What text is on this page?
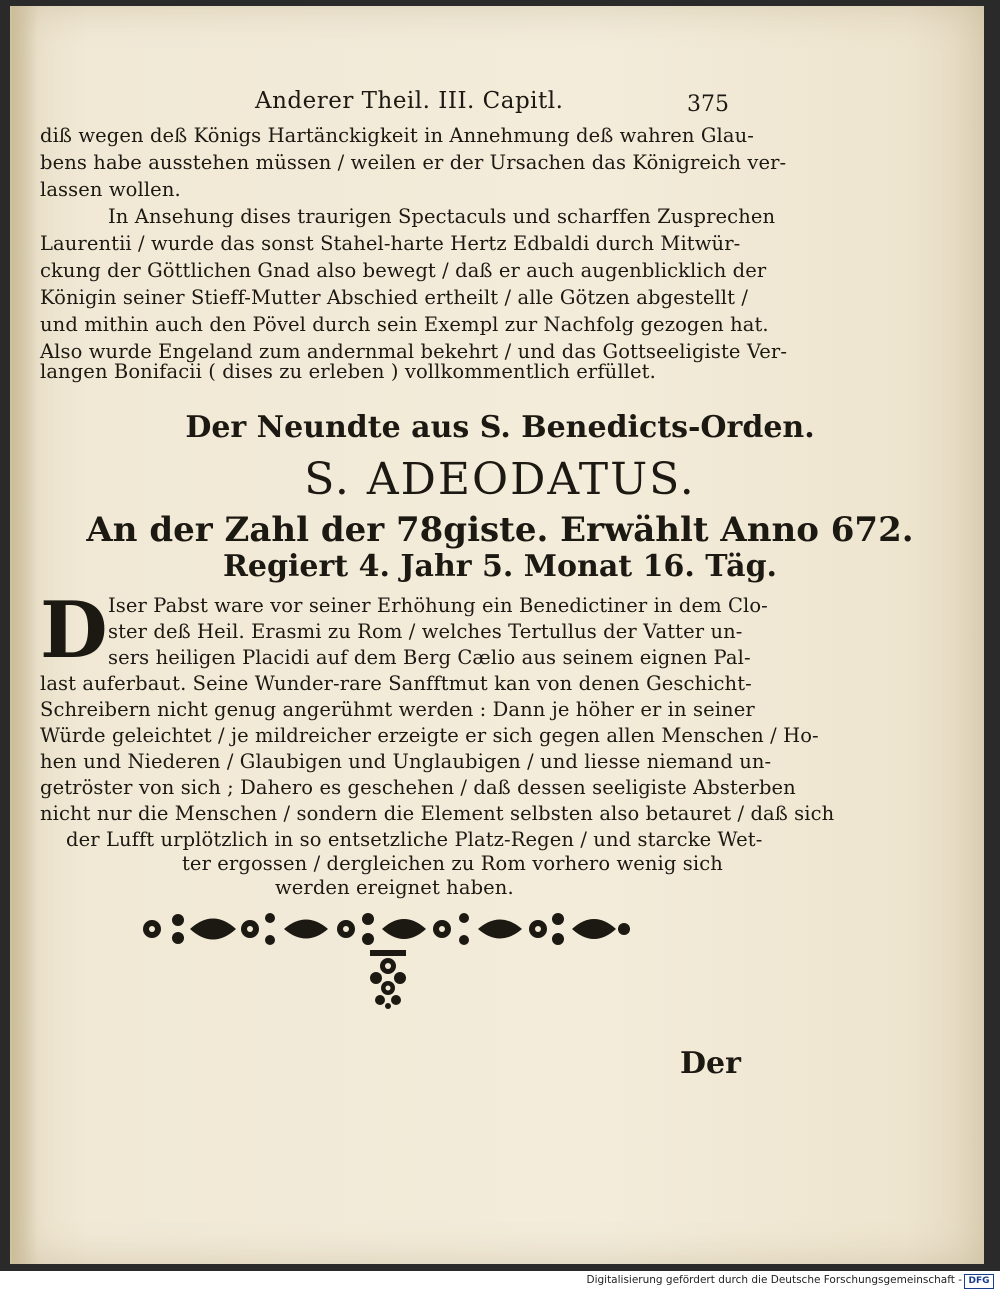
Anderer Theil. III. Capitl.	375
diß wegen deß Königs Hartänckigkeit in Annehmung deß wahren Glau-
bens habe ausstehen müssen / weilen er der Ursachen das Königreich ver-
lassen wollen.
In Ansehung dises traurigen Spectaculs und scharffen Zusprechen
Laurentii / wurde das sonst Stahel-harte Hertz Edbaldi durch Mitwür-
ckung der Göttlichen Gnad also bewegt / daß er auch augenblicklich der
Königin seiner Stieff-Mutter Abschied ertheilt / alle Götzen abgestellt /
und mithin auch den Pövel durch sein Exempl zur Nachfolg gezogen hat.
Also wurde Engeland zum andernmal bekehrt / und das Gottseeligiste Ver-
langen Bonifacii ( dises zu erleben ) vollkommentlich erfüllet.
Der Neundte aus S. Benedicts-Orden.
S. ADEODATUS.
An der Zahl der 78giste. Erwählt Anno 672.
Regiert 4. Jahr 5. Monat 16. Täg.
D Iser Pabst ware vor seiner Erhöhung ein Benedictiner in dem Clo-
ster deß Heil. Erasmi zu Rom / welches Tertullus der Vatter un-
sers heiligen Placidi auf dem Berg Cælio aus seinem eignen Pal-
last auferbaut. Seine Wunder-rare Sanfftmut kan von denen Geschicht-
Schreibern nicht genug angerühmt werden : Dann je höher er in seiner
Würde geleichtet / je mildreicher erzeigte er sich gegen allen Menschen / Ho-
hen und Niederen / Glaubigen und Unglaubigen / und liesse niemand un-
getröster von sich ; Dahero es geschehen / daß dessen seeligiste Absterben
nicht nur die Menschen / sondern die Element selbsten also betauret / daß sich
der Lufft urplötzlich in so entsetzliche Platz-Regen / und starcke Wet-
ter ergossen / dergleichen zu Rom vorhero wenig sich
werden ereignet haben.
Der
Digitalisierung gefördert durch die Deutsche Forschungsgemeinschaft - DFG
